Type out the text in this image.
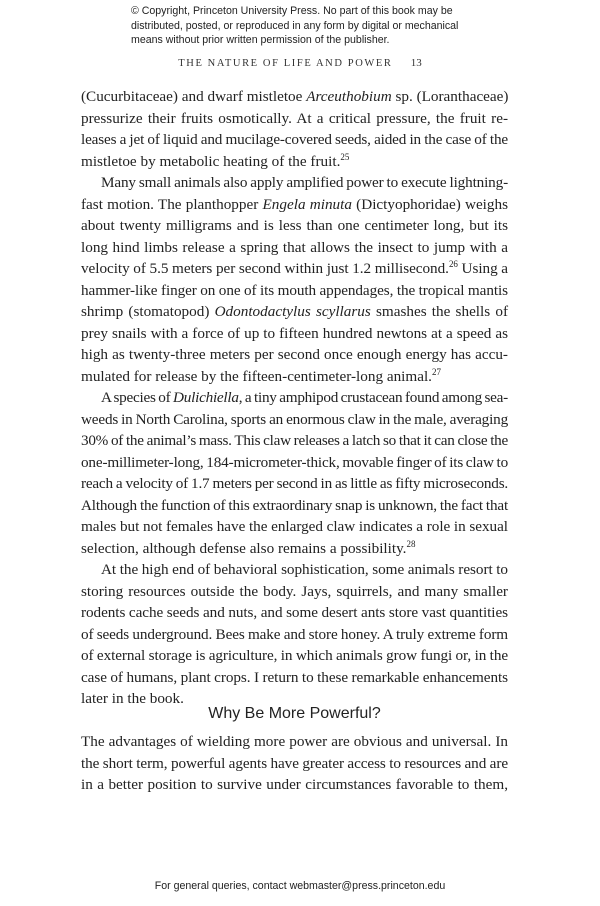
© Copyright, Princeton University Press. No part of this book may be
distributed, posted, or reproduced in any form by digital or mechanical
means without prior written permission of the publisher.
THE NATURE OF LIFE AND POWER 13
(Cucurbitaceae) and dwarf mistletoe Arceuthobium sp. (Loranthaceae)
pressurize their fruits osmotically. At a critical pressure, the fruit re-
leases a jet of liquid and mucilage-covered seeds, aided in the case of the
mistletoe by metabolic heating of the fruit.$^{25}$
Many small animals also apply amplified power to execute lightning-
fast motion. The planthopper Engela minuta (Dictyophoridae) weighs
about twenty milligrams and is less than one centimeter long, but its
long hind limbs release a spring that allows the insect to jump with a
velocity of 5.5 meters per second within just 1.2 millisecond.$^{26}$ Using a
hammer-like finger on one of its mouth appendages, the tropical mantis
shrimp (stomatopod) Odontodactylus scyllarus smashes the shells of
prey snails with a force of up to fifteen hundred newtons at a speed as
high as twenty-three meters per second once enough energy has accu-
mulated for release by the fifteen-centimeter-long animal.$^{27}$
A species of Dulichiella, a tiny amphipod crustacean found among sea-
weeds in North Carolina, sports an enormous claw in the male, averaging
30% of the animal’s mass. This claw releases a latch so that it can close the
one-millimeter-long, 184-micrometer-thick, movable finger of its claw to
reach a velocity of 1.7 meters per second in as little as fifty microseconds.
Although the function of this extraordinary snap is unknown, the fact that
males but not females have the enlarged claw indicates a role in sexual
selection, although defense also remains a possibility.$^{28}$
At the high end of behavioral sophistication, some animals resort to
storing resources outside the body. Jays, squirrels, and many smaller
rodents cache seeds and nuts, and some desert ants store vast quantities
of seeds underground. Bees make and store honey. A truly extreme form
of external storage is agriculture, in which animals grow fungi or, in the
case of humans, plant crops. I return to these remarkable enhancements
later in the book.
Why Be More Powerful?
The advantages of wielding more power are obvious and universal. In
the short term, powerful agents have greater access to resources and are
in a better position to survive under circumstances favorable to them,
For general queries, contact webmaster@press.princeton.edu
